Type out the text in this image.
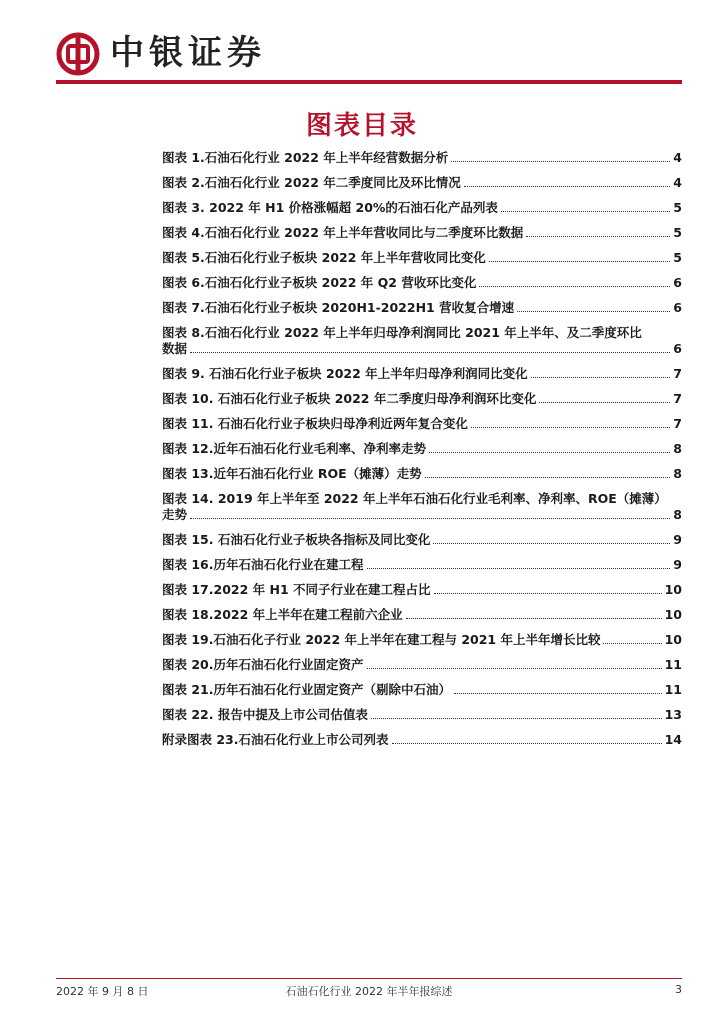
中银证券
图表目录
图表 1.石油石化行业 2022 年上半年经营数据分析	4
图表 2.石油石化行业 2022 年二季度同比及环比情况	4
图表 3. 2022 年 H1 价格涨幅超 20%的石油石化产品列表	5
图表 4.石油石化行业 2022 年上半年营收同比与二季度环比数据	5
图表 5.石油石化行业子板块 2022 年上半年营收同比变化	5
图表 6.石油石化行业子板块 2022 年 Q2 营收环比变化	6
图表 7.石油石化行业子板块 2020H1-2022H1 营收复合增速	6
图表 8.石油石化行业 2022 年上半年归母净利润同比 2021 年上半年、及二季度环比
数据	6
图表 9. 石油石化行业子板块 2022 年上半年归母净利润同比变化	7
图表 10. 石油石化行业子板块 2022 年二季度归母净利润环比变化	7
图表 11. 石油石化行业子板块归母净利近两年复合变化	7
图表 12.近年石油石化行业毛利率、净利率走势	8
图表 13.近年石油石化行业 ROE（摊薄）走势	8
图表 14. 2019 年上半年至 2022 年上半年石油石化行业毛利率、净利率、ROE（摊薄）
走势	8
图表 15. 石油石化行业子板块各指标及同比变化	9
图表 16.历年石油石化行业在建工程	9
图表 17.2022 年 H1 不同子行业在建工程占比	10
图表 18.2022 年上半年在建工程前六企业	10
图表 19.石油石化子行业 2022 年上半年在建工程与 2021 年上半年增长比较	10
图表 20.历年石油石化行业固定资产	11
图表 21.历年石油石化行业固定资产（剔除中石油）	11
图表 22. 报告中提及上市公司估值表	13
附录图表 23.石油石化行业上市公司列表	14
2022 年 9 月 8 日	石油石化行业 2022 年半年报综述	3
